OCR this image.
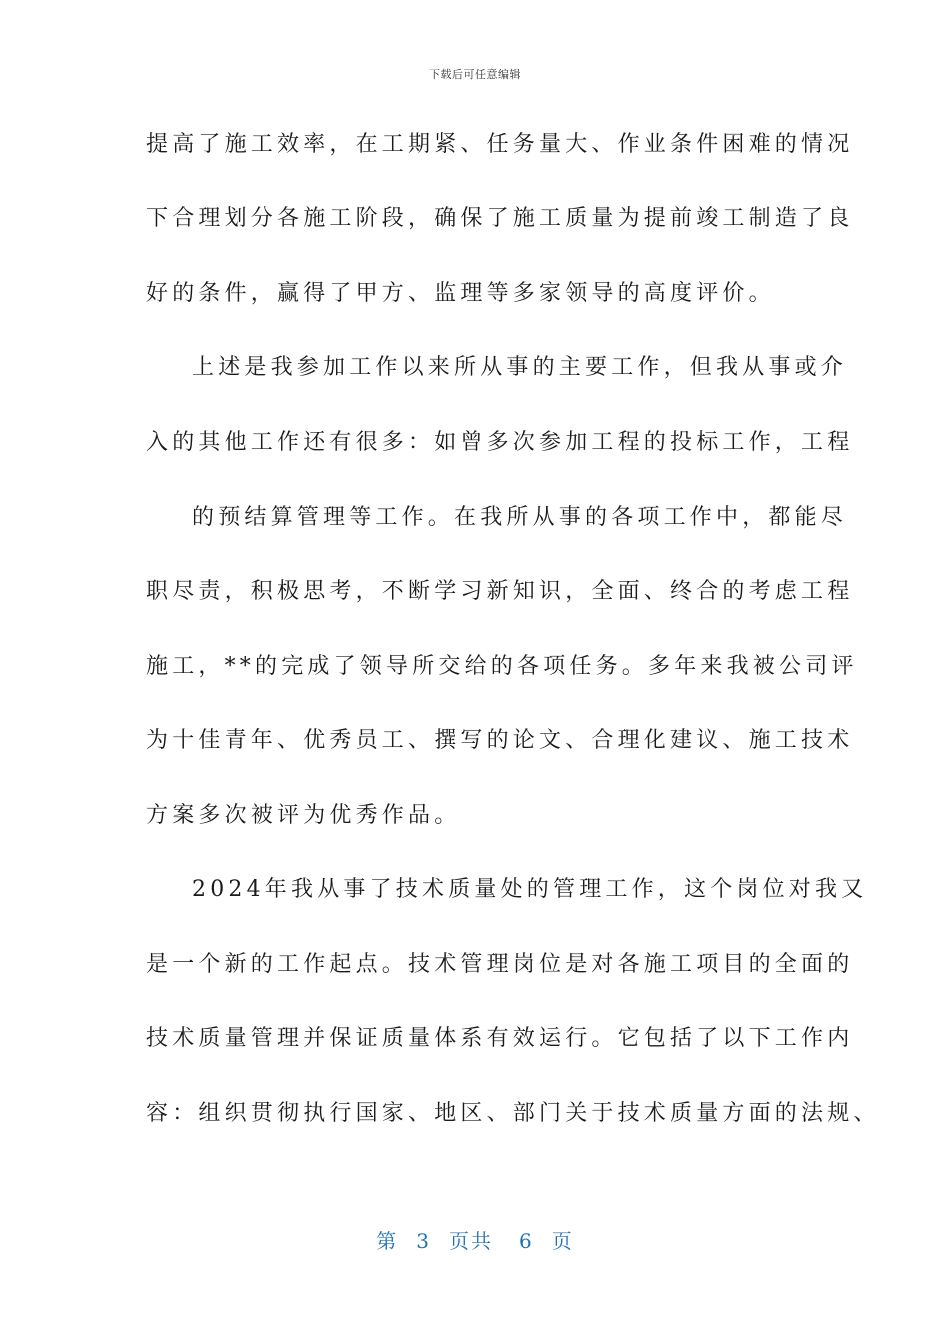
下载后可任意编辑
提高了施工效率，在工期紧、任务量大、作业条件困难的情况
下合理划分各施工阶段，确保了施工质量为提前竣工制造了良
好的条件，赢得了甲方、监理等多家领导的高度评价。
上述是我参加工作以来所从事的主要工作，但我从事或介
入的其他工作还有很多：如曾多次参加工程的投标工作，工程
的预结算管理等工作。在我所从事的各项工作中，都能尽
职尽责，积极思考，不断学习新知识，全面、终合的考虑工程
施工，**的完成了领导所交给的各项任务。多年来我被公司评
为十佳青年、优秀员工、撰写的论文、合理化建议、施工技术
方案多次被评为优秀作品。
2024年我从事了技术质量处的管理工作，这个岗位对我又
是一个新的工作起点。技术管理岗位是对各施工项目的全面的
技术质量管理并保证质量体系有效运行。它包括了以下工作内
容：组织贯彻执行国家、地区、部门关于技术质量方面的法规、
第 3 页共 6 页
